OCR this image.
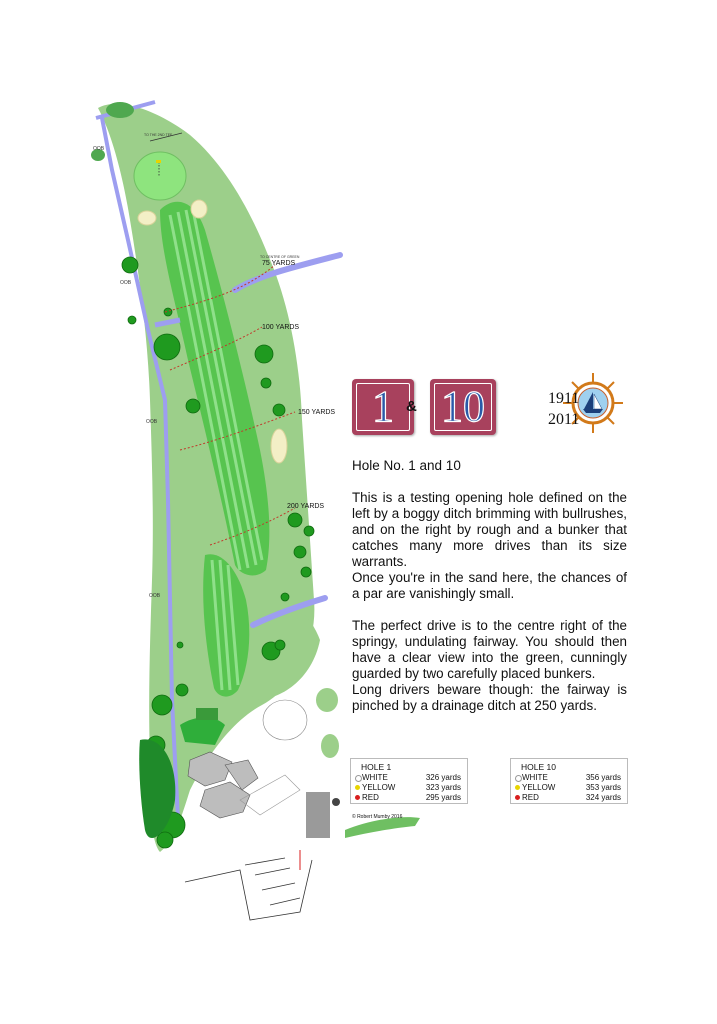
OOB
OOB
OOB
OOB
TO THE 2ND TEE
TO CENTRE OF GREEN
75 YARDS
100 YARDS
150 YARDS
200 YARDS
1911
2011
1 & 10
Hole No. 1 and 10

This is a testing opening hole defined on the left by a boggy ditch brimming with bullrushes, and on the right by rough and a bunker that catches many more drives than its size warrants.

Once you're in the sand here, the chances of a par are vanishingly small.

The perfect drive is to the centre right of the springy, undulating fairway. You should then have a clear view into the green, cunningly guarded by two carefully placed bunkers.

Long drivers beware though: the fairway is pinched by a drainage ditch at 250 yards.

HOLE 1
WHITE	326 yards
YELLOW	323 yards
RED	295 yards
HOLE 10
WHITE	356 yards
YELLOW	353 yards
RED	324 yards
© Robert Mumby 2016
